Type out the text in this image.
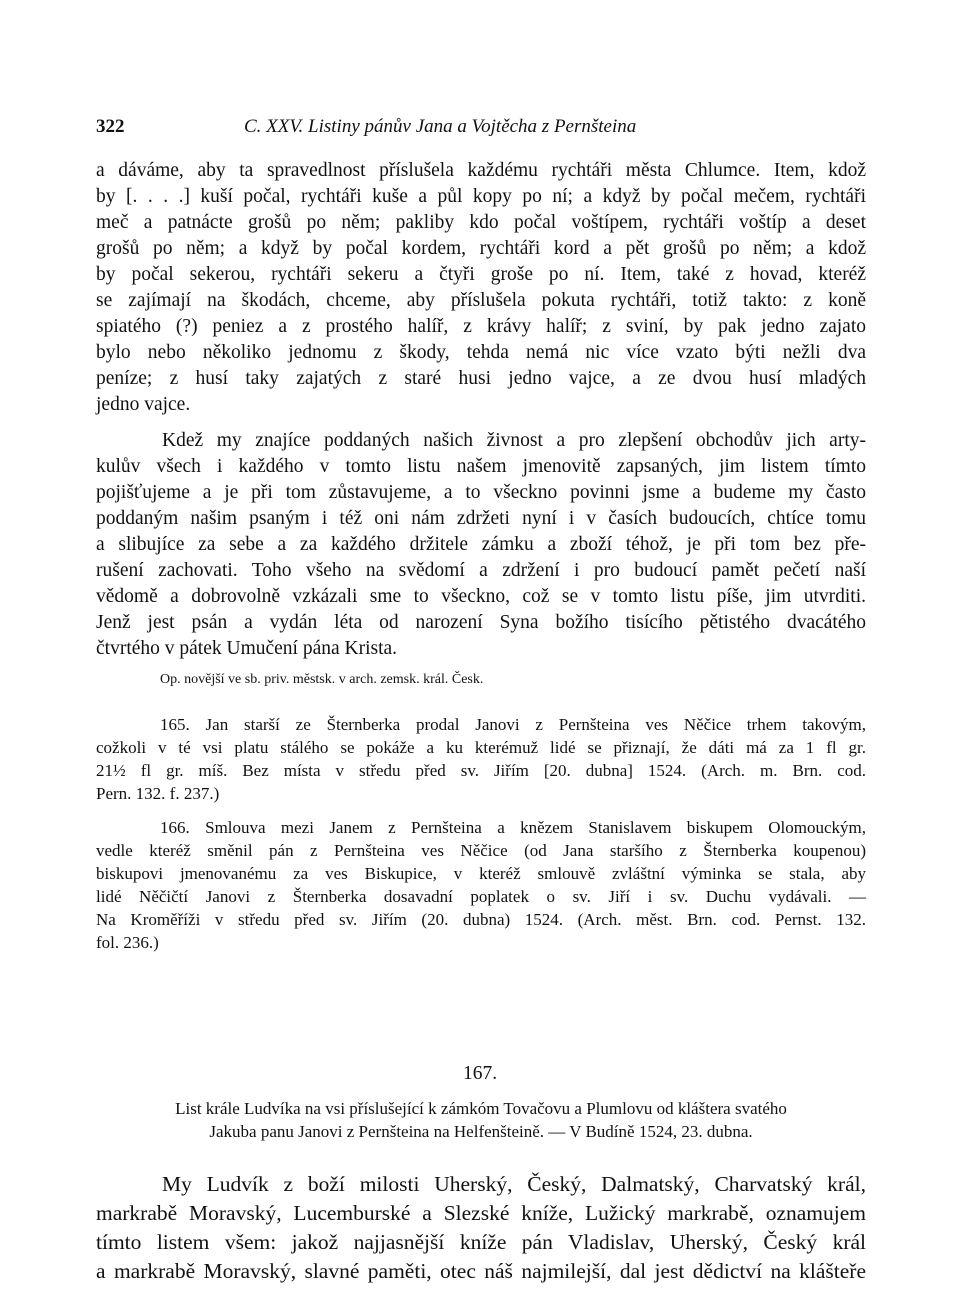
322	C. XXV. Listiny pánův Jana a Vojtěcha z Pernšteina
a dáváme, aby ta spravedlnost příslušela každému rychtáři města Chlumce. Item, kdož
by [. . . .] kuší počal, rychtáři kuše a půl kopy po ní; a když by počal mečem, rychtáři
meč a patnácte grošů po něm; pakliby kdo počal voštípem, rychtáři voštíp a deset
grošů po něm; a když by počal kordem, rychtáři kord a pět grošů po něm; a kdož
by počal sekerou, rychtáři sekeru a čtyři groše po ní. Item, také z hovad, kteréž
se zajímají na škodách, chceme, aby příslušela pokuta rychtáři, totiž takto: z koně
spiatého (?) peniez a z prostého halíř, z krávy halíř; z sviní, by pak jedno zajato
bylo nebo několiko jednomu z škody, tehda nemá nic více vzato býti nežli dva
peníze; z husí taky zajatých z staré husi jedno vajce, a ze dvou husí mladých
jedno vajce.
Kdež my znajíce poddaných našich živnost a pro zlepšení obchodův jich arty-
kulův všech i každého v tomto listu našem jmenovitě zapsaných, jim listem tímto
pojišťujeme a je při tom zůstavujeme, a to všeckno povinni jsme a budeme my často
poddaným našim psaným i též oni nám zdržeti nyní i v časích budoucích, chtíce tomu
a slibujíce za sebe a za každého držitele zámku a zboží téhož, je při tom bez pře-
rušení zachovati. Toho všeho na svědomí a zdržení i pro budoucí pamět pečetí naší
vědomě a dobrovolně vzkázali sme to všeckno, což se v tomto listu píše, jim utvrditi.
Jenž jest psán a vydán léta od narození Syna božího tisícího pětistého dvacátého
čtvrtého v pátek Umučení pána Krista.
Op. novější ve sb. priv. městsk. v arch. zemsk. král. Česk.
165. Jan starší ze Šternberka prodal Janovi z Pernšteina ves Něčice trhem takovým,
cožkoli v té vsi platu stálého se pokáže a ku kterémuž lidé se přiznají, že dáti má za 1 fl gr.
21½ fl gr. míš. Bez místa v středu před sv. Jiřím [20. dubna] 1524. (Arch. m. Brn. cod.
Pern. 132. f. 237.)
166. Smlouva mezi Janem z Pernšteina a knězem Stanislavem biskupem Olomouckým,
vedle kteréž směnil pán z Pernšteina ves Něčice (od Jana staršího z Šternberka koupenou)
biskupovi jmenovanému za ves Biskupice, v kteréž smlouvě zvláštní výminka se stala, aby
lidé Něčičtí Janovi z Šternberka dosavadní poplatek o sv. Jiří i sv. Duchu vydávali. —
Na Kroměříži v středu před sv. Jiřím (20. dubna) 1524. (Arch. měst. Brn. cod. Pernst. 132.
fol. 236.)
167.
List krále Ludvíka na vsi příslušející k zámkóm Tovačovu a Plumlovu od kláštera svatého
Jakuba panu Janovi z Pernšteina na Helfenšteině. — V Budíně 1524, 23. dubna.
My Ludvík z boží milosti Uherský, Český, Dalmatský, Charvatský král,
markrabě Moravský, Lucemburské a Slezské kníže, Lužický markrabě, oznamujem
tímto listem všem: jakož najjasnější kníže pán Vladislav, Uherský, Český král
a markrabě Moravský, slavné paměti, otec náš najmilejší, dal jest dědictví na klášteře
